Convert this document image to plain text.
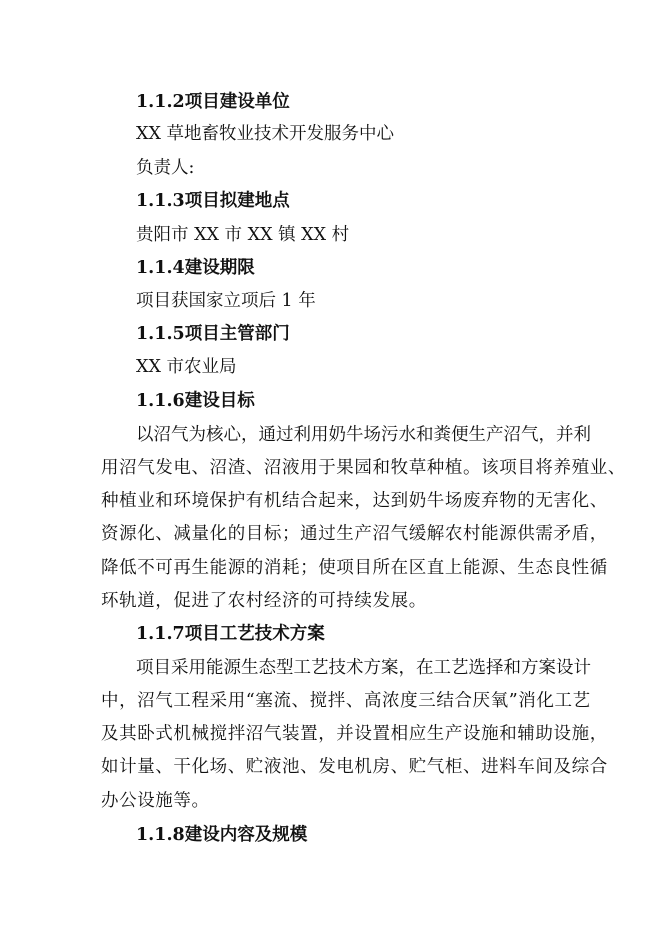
1.1.2项目建设单位
XX 草地畜牧业技术开发服务中心
负责人:
1.1.3项目拟建地点
贵阳市 XX 市 XX 镇 XX 村
1.1.4建设期限
项目获国家立项后 1 年
1.1.5项目主管部门
XX 市农业局
1.1.6建设目标
以沼气为核心，通过利用奶牛场污水和粪便生产沼气，并利
用沼气发电、沼渣、沼液用于果园和牧草种植。该项目将养殖业、
种植业和环境保护有机结合起来，达到奶牛场废弃物的无害化、
资源化、减量化的目标；通过生产沼气缓解农村能源供需矛盾，
降低不可再生能源的消耗；使项目所在区直上能源、生态良性循
环轨道，促进了农村经济的可持续发展。
1.1.7项目工艺技术方案
项目采用能源生态型工艺技术方案，在工艺选择和方案设计
中，沼气工程采用“塞流、搅拌、高浓度三结合厌氧”消化工艺
及其卧式机械搅拌沼气装置，并设置相应生产设施和辅助设施，
如计量、干化场、贮液池、发电机房、贮气柜、进料车间及综合
办公设施等。
1.1.8建设内容及规模
